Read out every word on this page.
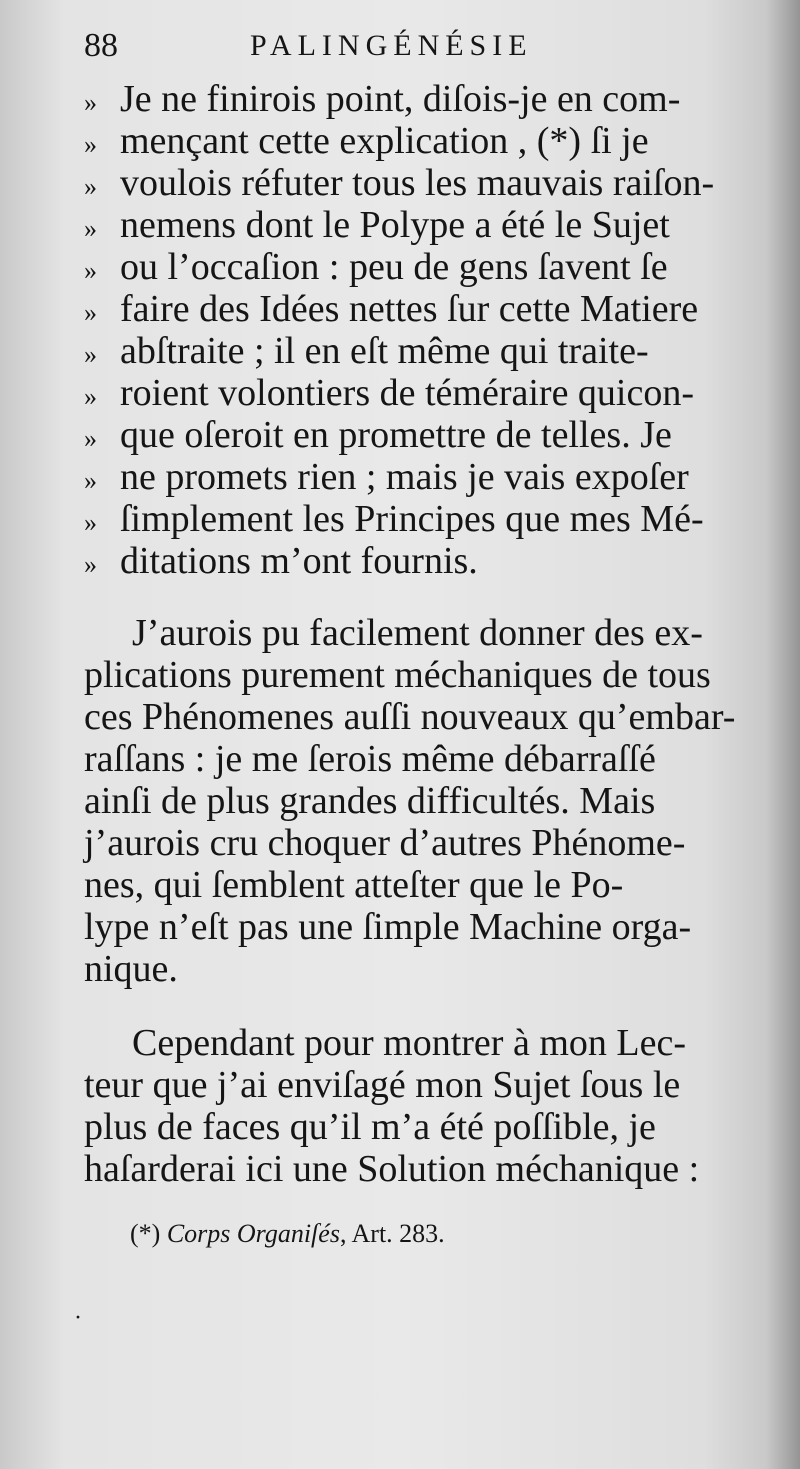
88	PALINGÉNÉSIE
» Je ne finirois point, diſois-je en com-
» mençant cette explication , (*) ſi je
» voulois réfuter tous les mauvais raiſon-
» nemens dont le Polype a été le Sujet
» ou l’occaſion : peu de gens ſavent ſe
» faire des Idées nettes ſur cette Matiere
» abſtraite ; il en eſt même qui traite-
» roient volontiers de téméraire quicon-
» que oſeroit en promettre de telles. Je
» ne promets rien ; mais je vais expoſer
» ſimplement les Principes que mes Mé-
» ditations m’ont fournis.
J’aurois pu facilement donner des ex-
plications purement méchaniques de tous
ces Phénomenes auſſi nouveaux qu’embar-
raſſans : je me ſerois même débarraſſé
ainſi de plus grandes difficultés. Mais
j’aurois cru choquer d’autres Phénome-
nes, qui ſemblent atteſter que le Po-
lype n’eſt pas une ſimple Machine orga-
nique.
Cependant pour montrer à mon Lec-
teur que j’ai enviſagé mon Sujet ſous le
plus de faces qu’il m’a été poſſible, je
haſarderai ici une Solution méchanique :
(*) Corps Organiſés, Art. 283.
·
